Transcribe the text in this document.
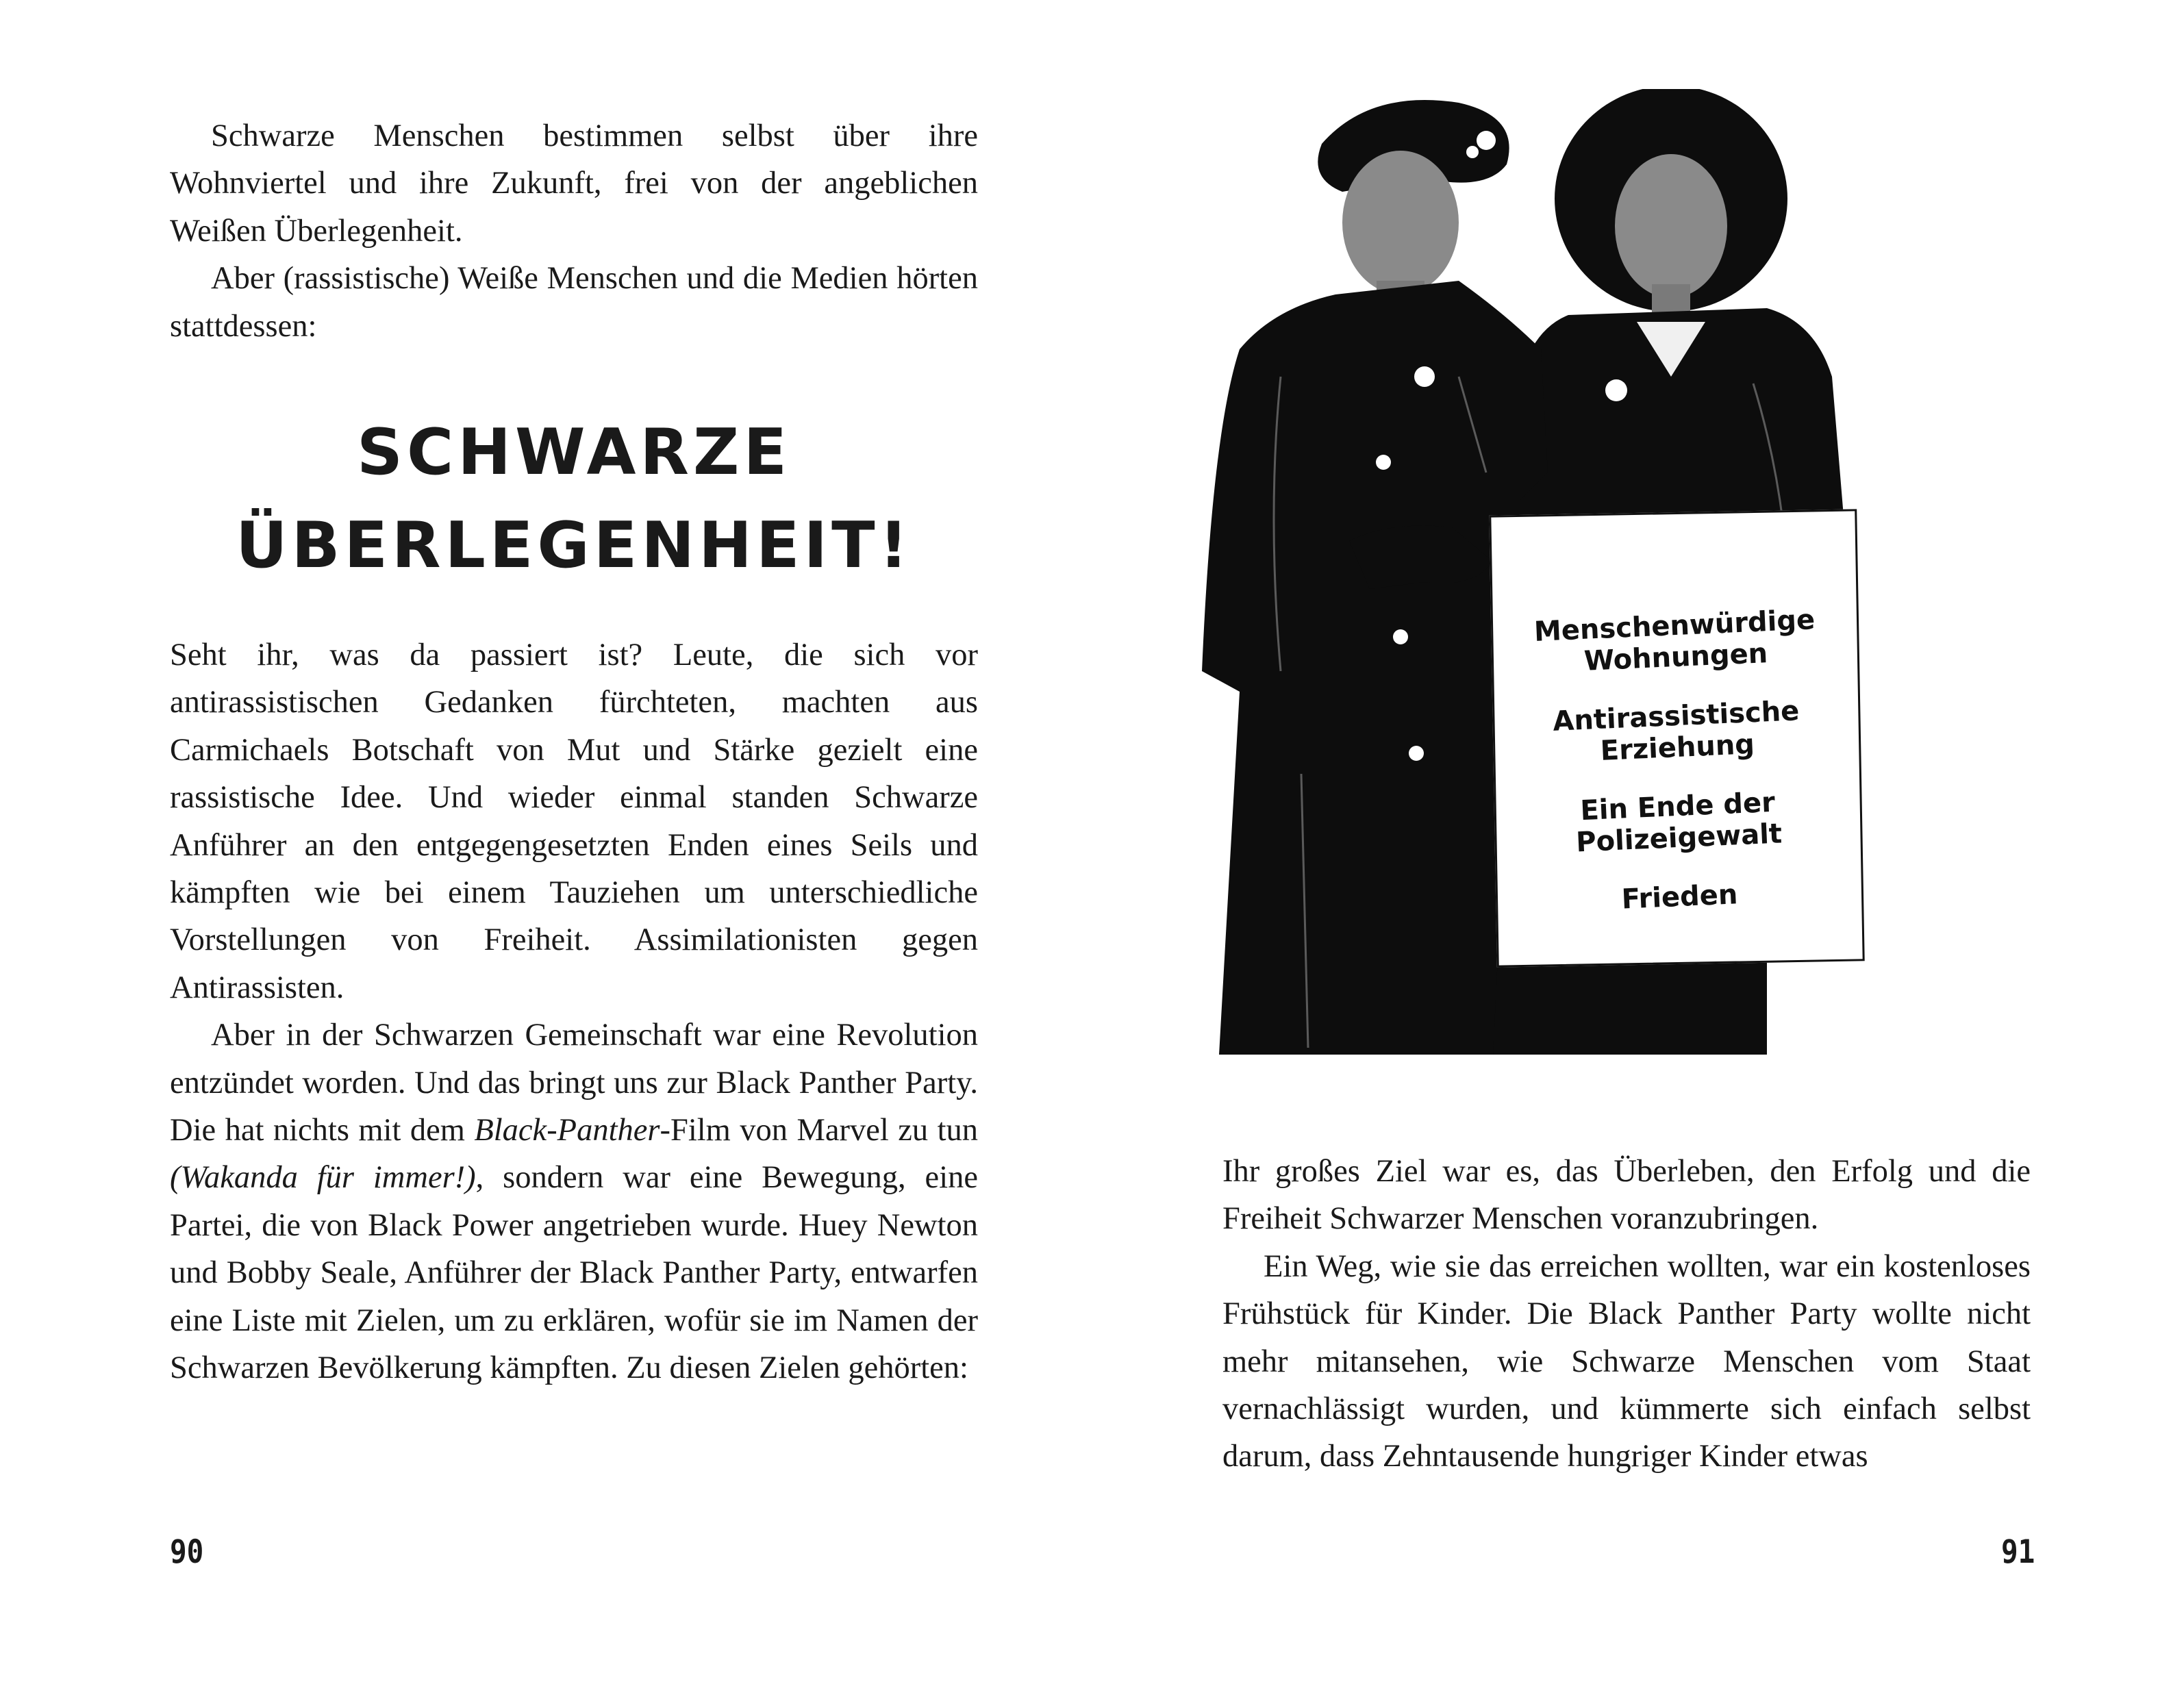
Schwarze Menschen bestimmen selbst über ihre Wohnviertel und ihre Zukunft, frei von der angeblichen Weißen Überlegenheit.

Aber (rassistische) Weiße Menschen und die Medien hörten stattdessen:

SCHWARZE
ÜBERLEGENHEIT!

Seht ihr, was da passiert ist? Leute, die sich vor antirassistischen Gedanken fürchteten, machten aus Carmichaels Botschaft von Mut und Stärke gezielt eine rassistische Idee. Und wieder einmal standen Schwarze Anführer an den entgegengesetzten Enden eines Seils und kämpften wie bei einem Tauziehen um unterschiedliche Vorstellungen von Freiheit. Assimilationisten gegen Antirassisten.

Aber in der Schwarzen Gemeinschaft war eine Revolution entzündet worden. Und das bringt uns zur Black Panther Party. Die hat nichts mit dem Black-Panther-Film von Marvel zu tun (Wakanda für immer!), sondern war eine Bewegung, eine Partei, die von Black Power angetrieben wurde. Huey Newton und Bobby Seale, Anführer der Black Panther Party, entwarfen eine Liste mit Zielen, um zu erklären, wofür sie im Namen der Schwarzen Bevölkerung kämpften. Zu diesen Zielen gehörten:

90
Menschenwürdige
Wohnungen
Antirassistische
Erziehung
Ein Ende der
Polizeigewalt
Frieden

Ihr großes Ziel war es, das Überleben, den Erfolg und die Freiheit Schwarzer Menschen voranzubringen.

Ein Weg, wie sie das erreichen wollten, war ein kostenloses Frühstück für Kinder. Die Black Panther Party wollte nicht mehr mitansehen, wie Schwarze Menschen vom Staat vernachlässigt wurden, und kümmerte sich einfach selbst darum, dass Zehntausende hungriger Kinder etwas

91
